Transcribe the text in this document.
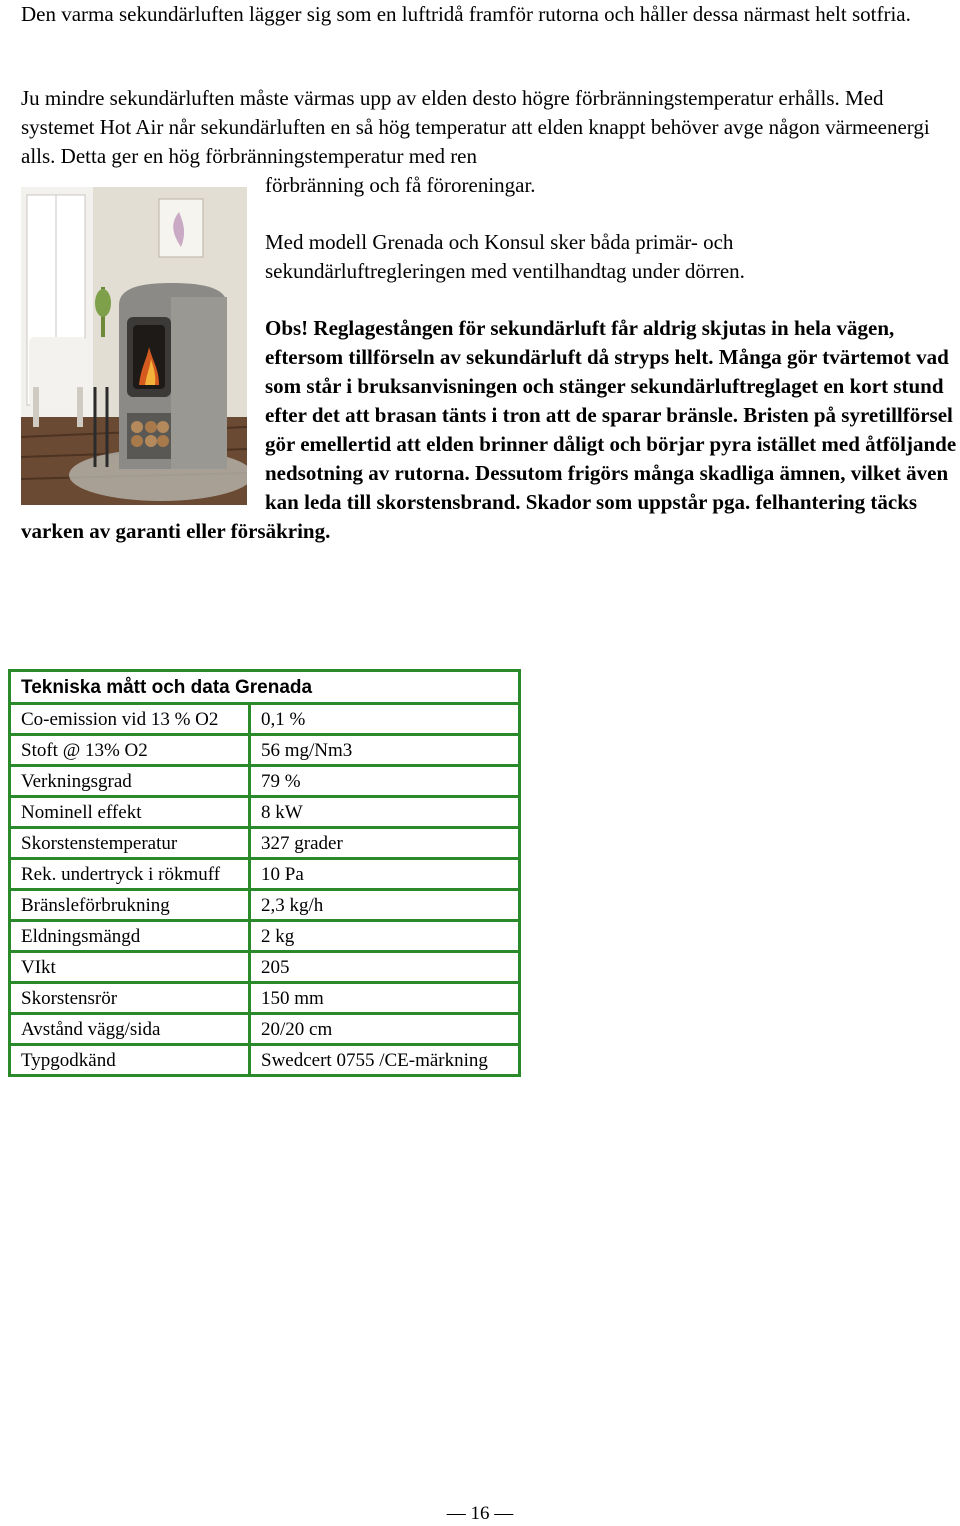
Den varma sekundärluften lägger sig som en luftridå framför rutorna och håller dessa närmast helt sotfria.

Ju mindre sekundärluften måste värmas upp av elden desto högre förbränningstemperatur erhålls. Med systemet Hot Air når sekundärluften en så hög temperatur att elden knappt behöver avge någon värmeenergi alls. Detta ger en hög förbränningstemperatur med ren

förbränning och få föroreningar.

Med modell Grenada och Konsul sker båda primär- och sekundärluftregleringen med ventilhandtag under dörren.

Obs! Reglagestången för sekundärluft får aldrig skjutas in hela vägen, eftersom tillförseln av sekundärluft då stryps helt. Många gör tvärtemot vad som står i bruksanvisningen och stänger sekundärluftreglaget en kort stund efter det att brasan tänts i tron att de sparar bränsle. Bristen på syretillförsel gör emellertid att elden brinner dåligt och börjar pyra istället med åtföljande nedsotning av rutorna. Dessutom frigörs många skadliga ämnen, vilket även kan leda till skorstensbrand. Skador som uppstår pga. felhantering täcks varken av garanti eller försäkring.

Tekniska mått och data Grenada	
Co-emission vid 13 % O2	0,1 %
Stoft @ 13% O2	56 mg/Nm3
Verkningsgrad	79 %
Nominell effekt	8 kW
Skorstenstemperatur	327 grader
Rek. undertryck i rökmuff	10 Pa
Bränsleförbrukning	2,3 kg/h
Eldningsmängd	2 kg
VIkt	205
Skorstensrör	150 mm
Avstånd vägg/sida	20/20 cm
Typgodkänd	Swedcert 0755 /CE-märkning
— 16 —
